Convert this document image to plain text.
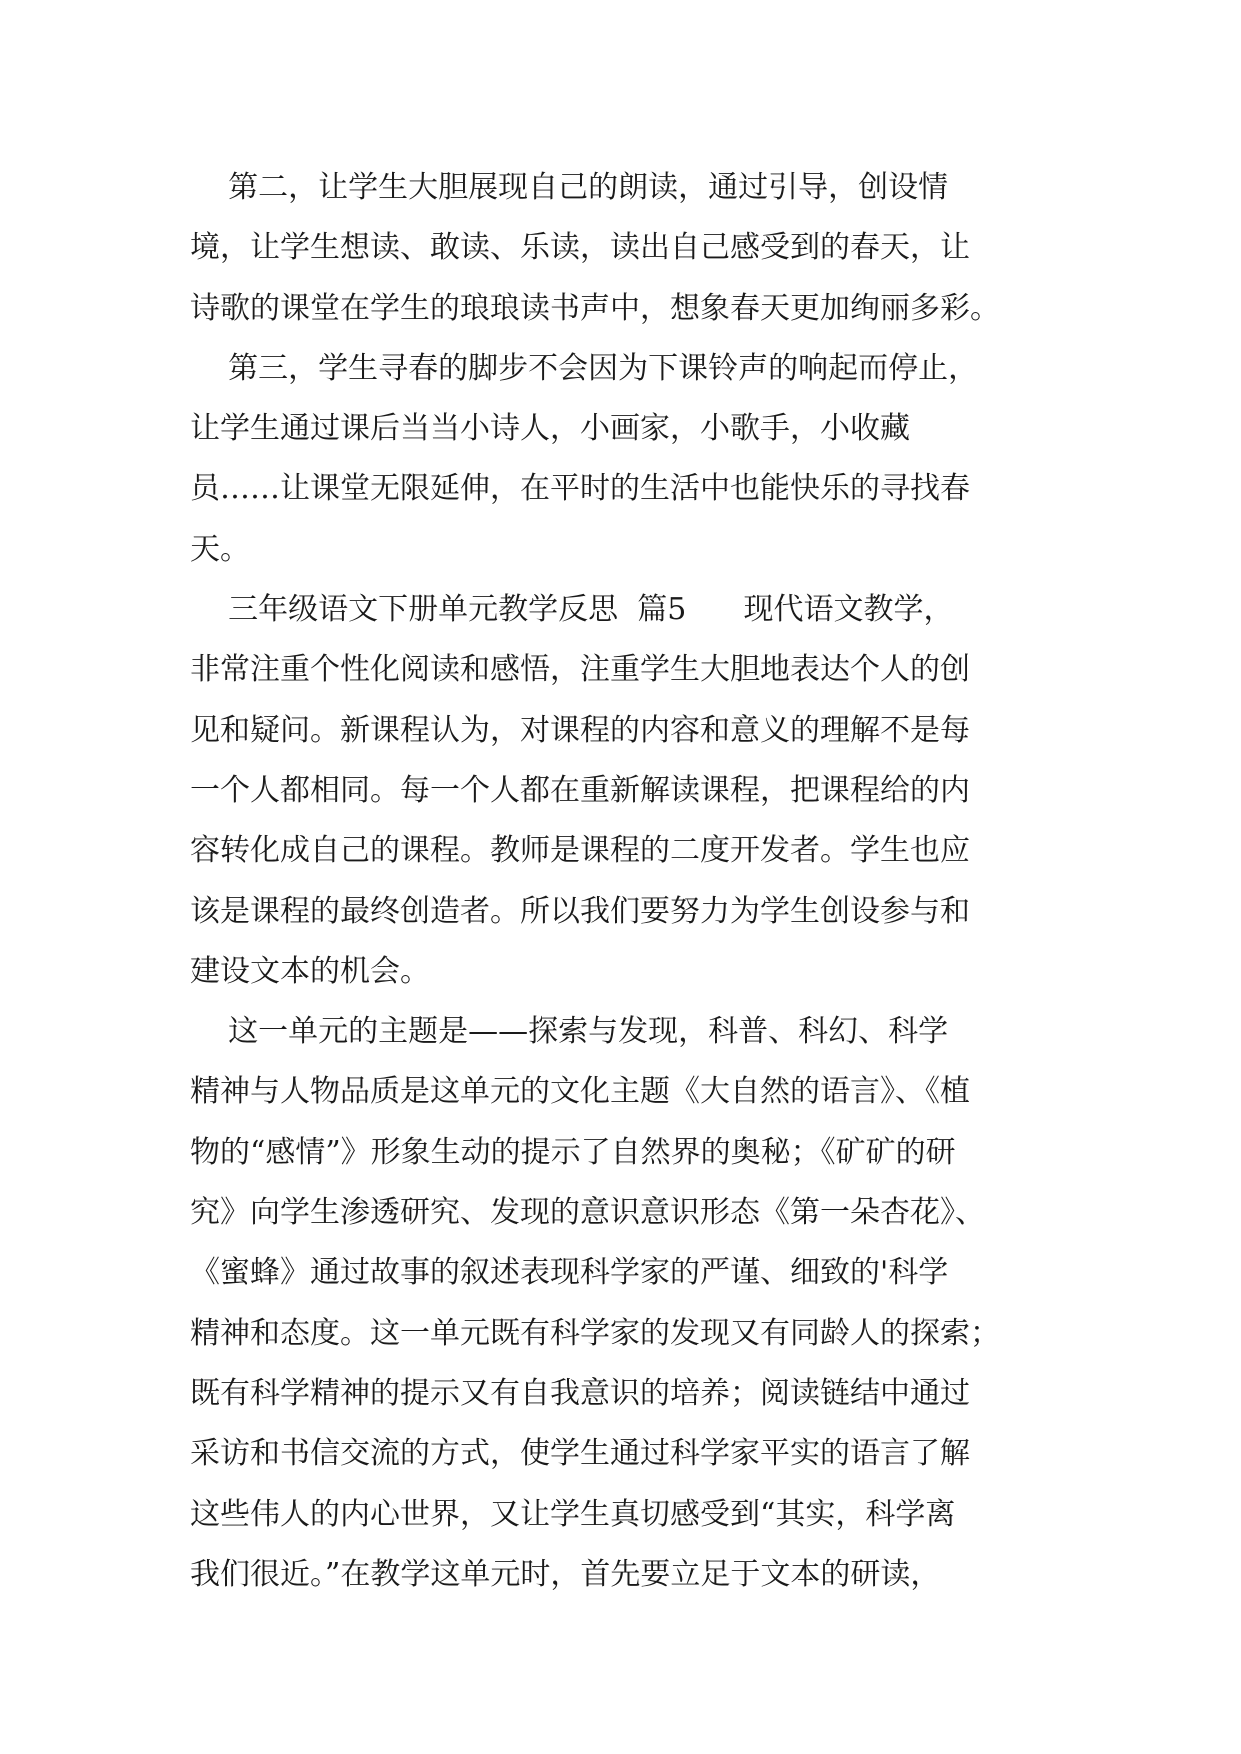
第二，让学生大胆展现自己的朗读，通过引导，创设情
境，让学生想读、敢读、乐读，读出自己感受到的春天，让
诗歌的课堂在学生的琅琅读书声中，想象春天更加绚丽多彩。
第三，学生寻春的脚步不会因为下课铃声的响起而停止，
让学生通过课后当当小诗人，小画家，小歌手，小收藏
员……让课堂无限延伸，在平时的生活中也能快乐的寻找春
天。
三年级语文下册单元教学反思  篇5      现代语文教学，
非常注重个性化阅读和感悟，注重学生大胆地表达个人的创
见和疑问。新课程认为，对课程的内容和意义的理解不是每
一个人都相同。每一个人都在重新解读课程，把课程给的内
容转化成自己的课程。教师是课程的二度开发者。学生也应
该是课程的最终创造者。所以我们要努力为学生创设参与和
建设文本的机会。
这一单元的主题是——探索与发现，科普、科幻、科学
精神与人物品质是这单元的文化主题《大自然的语言》、《植
物的“感情”》形象生动的提示了自然界的奥秘；《矿矿的研
究》向学生渗透研究、发现的意识意识形态《第一朵杏花》、
《蜜蜂》通过故事的叙述表现科学家的严谨、细致的'科学
精神和态度。这一单元既有科学家的发现又有同龄人的探索；
既有科学精神的提示又有自我意识的培养；阅读链结中通过
采访和书信交流的方式，使学生通过科学家平实的语言了解
这些伟人的内心世界，又让学生真切感受到“其实，科学离
我们很近。”在教学这单元时，首先要立足于文本的研读，
